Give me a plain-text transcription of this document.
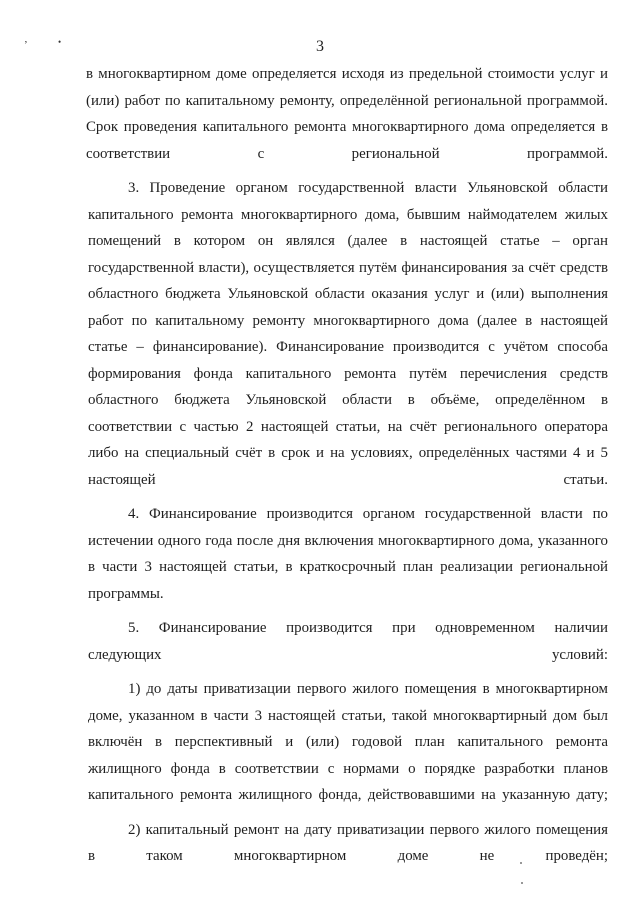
3
ʼ	•

в многоквартирном доме определяется исходя из предельной стоимости услуг и (или) работ по капитальному ремонту, определённой региональной программой. Срок проведения капитального ремонта многоквартирного дома определяется в соответствии с региональной программой.

3. Проведение органом государственной власти Ульяновской области капитального ремонта многоквартирного дома, бывшим наймодателем жилых помещений в котором он являлся (далее в настоящей статье – орган государственной власти), осуществляется путём финансирования за счёт средств областного бюджета Ульяновской области оказания услуг и (или) выполнения работ по капитальному ремонту многоквартирного дома (далее в настоящей статье – финансирование). Финансирование производится с учётом способа формирования фонда капитального ремонта путём перечисления средств областного бюджета Ульяновской области в объёме, определённом в соответствии с частью 2 настоящей статьи, на счёт регионального оператора либо на специальный счёт в срок и на условиях, определённых частями 4 и 5 настоящей статьи.

4. Финансирование производится органом государственной власти по истечении одного года после дня включения многоквартирного дома, указанного в части 3 настоящей статьи, в краткосрочный план реализации региональной программы.

5. Финансирование производится при одновременном наличии следующих условий:

1) до даты приватизации первого жилого помещения в многоквартирном доме, указанном в части 3 настоящей статьи, такой многоквартирный дом был включён в перспективный и (или) годовой план капитального ремонта жилищного фонда в соответствии с нормами о порядке разработки планов капитального ремонта жилищного фонда, действовавшими на указанную дату;

2) капитальный ремонт на дату приватизации первого жилого помещения в таком многоквартирном доме не проведён;
